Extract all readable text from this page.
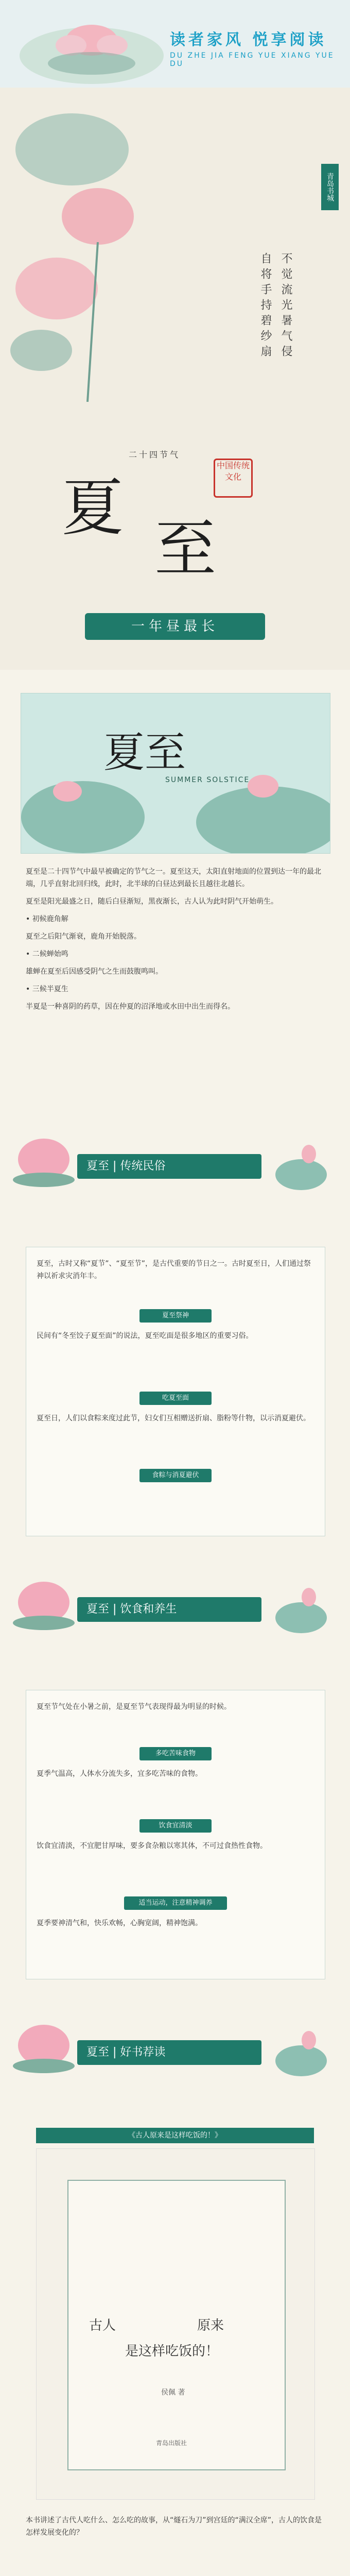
读者家风 悦享阅读
DU ZHE JIA FENG YUE XIANG YUE DU
青岛书城
不觉流光暑气侵
自将手持碧纱扇
二十四节气
中国传统文化
夏
至
一年昼最长
夏至
SUMMER SOLSTICE

夏至是二十四节气中最早被确定的节气之一。夏至这天，太阳直射地面的位置到达一年的最北端，几乎直射北回归线，此时，北半球的白昼达到最长且越往北越长。

夏至是阳光最盛之日，随后白昼渐短，黑夜渐长，古人认为此时阴气开始萌生。

• 初候鹿角解

夏至之后阳气渐衰，鹿角开始脱落。

• 二候蝉始鸣

雄蝉在夏至后因感受阴气之生而鼓腹鸣叫。

• 三候半夏生

半夏是一种喜阴的药草，因在仲夏的沼泽地或水田中出生而得名。

夏至 | 传统民俗
夏至，古时又称“夏节”、“夏至节”，是古代重要的节日之一。古时夏至日，人们通过祭神以祈求灾消年丰。
夏至祭神
民间有“冬至饺子夏至面”的说法，夏至吃面是很多地区的重要习俗。
吃夏至面
夏至日，人们以食粽来度过此节，妇女们互相赠送折扇、脂粉等什物，以示消夏避伏。
食粽与消夏避伏
夏至 | 饮食和养生
夏至节气处在小暑之前，是夏至节气表现得最为明显的时候。
多吃苦味食物
夏季气温高，人体水分流失多，宜多吃苦味的食物。
饮食宜清淡
饮食宜清淡，不宜肥甘厚味，要多食杂粮以寒其体，不可过食热性食物。
适当运动，注意精神调养
夏季要神清气和，快乐欢畅，心胸宽阔，精神饱满。
夏至 | 好书荐读
《古人原来是这样吃饭的！》
古人	原来
是这样吃饭的！
侯佩 著
青岛出版社
本书讲述了古代人吃什么、怎么吃的故事，从“燧石为刀”到宫廷的“满汉全席”，古人的饮食是怎样发展变化的？
